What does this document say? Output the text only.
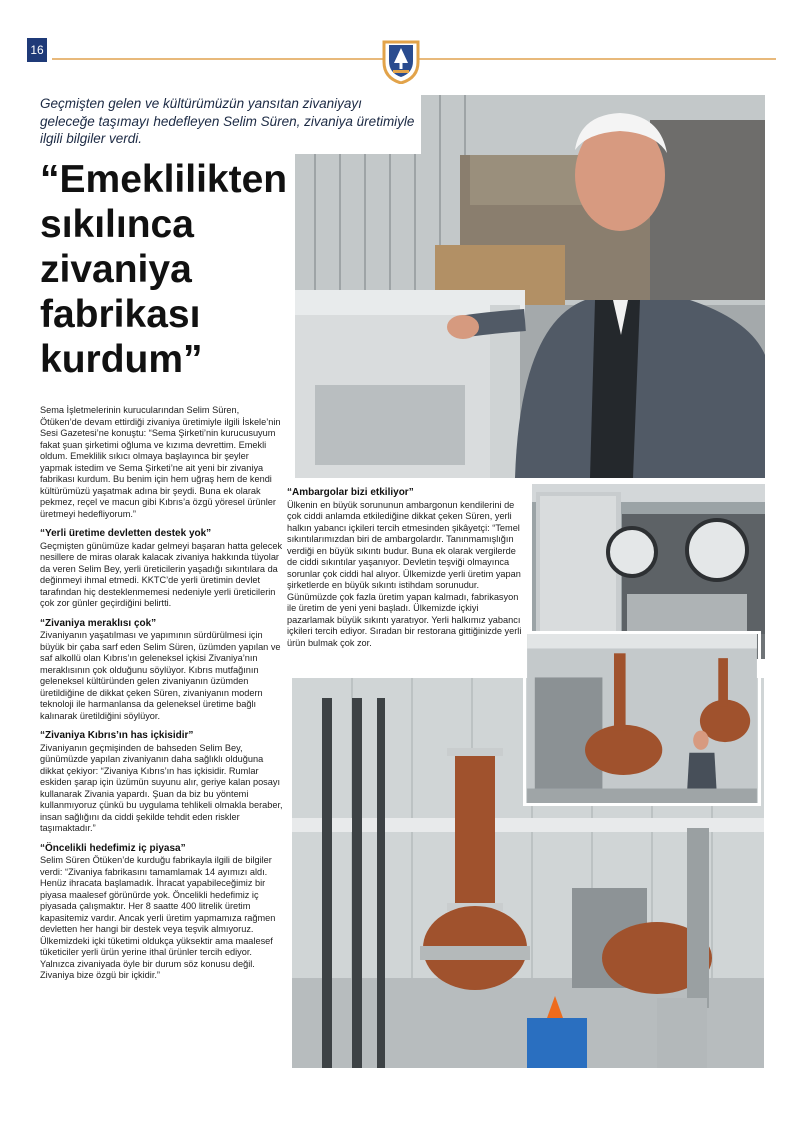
16
Geçmişten gelen ve kültürümüzün yansıtan zivaniyayı geleceğe taşımayı hedefleyen Selim Süren, zivaniya üretimiyle ilgili bilgiler verdi.
“Emeklilikten sıkılınca zivaniya fabrikası kurdum”

Sema İşletmelerinin kurucularından Selim Süren, Ötüken’de devam ettirdiği zivaniya üretimiyle ilgili İskele’nin Sesi Gazetesi’ne konuştu: “Sema Şirketi’nin kurucusuyum fakat şuan şirketimi oğluma ve kızıma devrettim. Emekli oldum. Emeklilik sıkıcı olmaya başlayınca bir şeyler yapmak istedim ve Sema Şirketi’ne ait yeni bir zivaniya fabrikası kurdum. Bu benim için hem uğraş hem de kendi kültürümüzü yaşatmak adına bir şeydi. Buna ek olarak pekmez, reçel ve macun gibi Kıbrıs’a özgü yöresel ürünler üretmeyi hedefliyorum.”

“Yerli üretime devletten destek yok”

Geçmişten günümüze kadar gelmeyi başaran hatta gelecek nesillere de miras olarak kalacak zivaniya hakkında tüyolar da veren Selim Bey, yerli üreticilerin yaşadığı sıkıntılara da değinmeyi ihmal etmedi. KKTC’de yerli üretimin devlet tarafından hiç desteklenmemesi nedeniyle yerli üreticilerin çok zor günler geçirdiğini belirtti.

“Zivaniya meraklısı çok”

Zivaniyanın yaşatılması ve yapımının sürdürülmesi için büyük bir çaba sarf eden Selim Süren, üzümden yapılan ve saf alkollü olan Kıbrıs’ın geleneksel içkisi Zivaniya’nın meraklısının çok olduğunu söylüyor. Kıbrıs mutfağının geleneksel kültüründen gelen zivaniyanın üzümden üretildiğine de dikkat çeken Süren, zivaniyanın modern teknoloji ile harmanlansa da geleneksel üretime bağlı kalınarak üretildiğini söylüyor.

“Zivaniya Kıbrıs’ın has içkisidir”

Zivaniyanın geçmişinden de bahseden Selim Bey, günümüzde yapılan zivaniyanın daha sağlıklı olduğuna dikkat çekiyor: “Zivaniya Kıbrıs’ın has içkisidir. Rumlar eskiden şarap için üzümün suyunu alır, geriye kalan posayı kullanarak Zivania yapardı. Şuan da biz bu yöntemi kullanmıyoruz çünkü bu uygulama tehlikeli olmakla beraber, insan sağlığını da ciddi şekilde tehdit eden riskler taşımaktadır.”

“Öncelikli hedefimiz iç piyasa”

Selim Süren Ötüken’de kurduğu fabrikayla ilgili de bilgiler verdi: “Zivaniya fabrikasını tamamlamak 14 ayımızı aldı. Henüz ihracata başlamadık. İhracat yapabileceğimiz bir piyasa maalesef görünürde yok. Öncelikli hedefimiz iç piyasada çalışmaktır. Her 8 saatte 400 litrelik üretim kapasitemiz vardır. Ancak yerli üretim yapmamıza rağmen devletten her hangi bir destek veya teşvik almıyoruz. Ülkemizdeki içki tüketimi oldukça yüksektir ama maalesef tüketiciler yerli ürün yerine ithal ürünler tercih ediyor. Yalnızca zivaniyada öyle bir durum söz konusu değil. Zivaniya bize özgü bir içkidir.”

“Ambargolar bizi etkiliyor”

Ülkenin en büyük sorununun ambargonun kendilerini de çok ciddi anlamda etkilediğine dikkat çeken Süren, yerli halkın yabancı içkileri tercih etmesinden şikâyetçi: “Temel sıkıntılarımızdan biri de ambargolardır. Tanınmamışlığın verdiği en büyük sıkıntı budur. Buna ek olarak vergilerde de ciddi sıkıntılar yaşanıyor. Devletin teşviği olmayınca sorunlar çok ciddi hal alıyor. Ülkemizde yerli üretim yapan şirketlerde en büyük sıkıntı istihdam sorunudur. Günümüzde çok fazla üretim yapan kalmadı, fabrikasyon ile üretim de yeni yeni başladı. Ülkemizde içkiyi pazarlamak büyük sıkıntı yaratıyor. Yerli halkımız yabancı içkileri tercih ediyor. Sıradan bir restorana gittiğinizde yerli ürün bulmak çok zor.
